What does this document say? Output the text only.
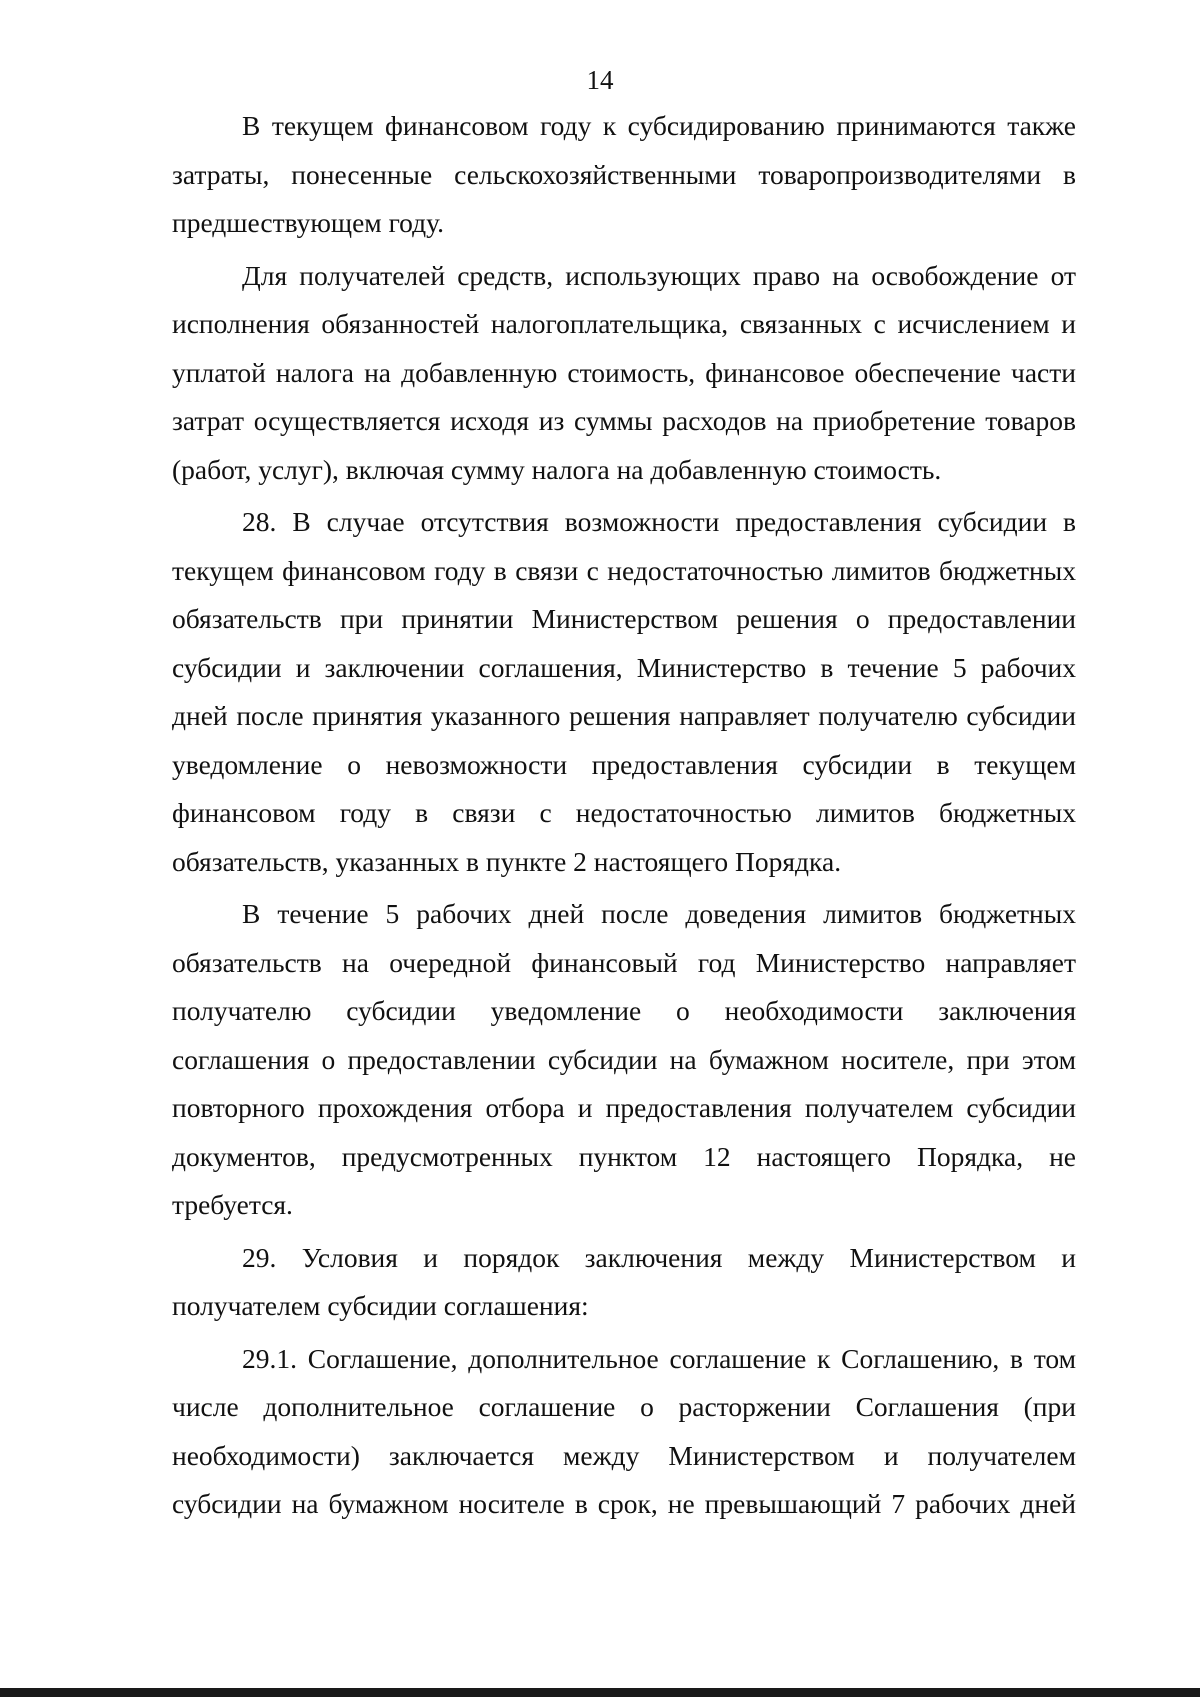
14

В текущем финансовом году к субсидированию принимаются также затраты, понесенные сельскохозяйственными товаропроизводителями в предшествующем году.

Для получателей средств, использующих право на освобождение от исполнения обязанностей налогоплательщика, связанных с исчислением и уплатой налога на добавленную стоимость, финансовое обеспечение части затрат осуществляется исходя из суммы расходов на приобретение товаров (работ, услуг), включая сумму налога на добавленную стоимость.

28. В случае отсутствия возможности предоставления субсидии в текущем финансовом году в связи с недостаточностью лимитов бюджетных обязательств при принятии Министерством решения о предоставлении субсидии и заключении соглашения, Министерство в течение 5 рабочих дней после принятия указанного решения направляет получателю субсидии уведомление о невозможности предоставления субсидии в текущем финансовом году в связи с недостаточностью лимитов бюджетных обязательств, указанных в пункте 2 настоящего Порядка.

В течение 5 рабочих дней после доведения лимитов бюджетных обязательств на очередной финансовый год Министерство направляет получателю субсидии уведомление о необходимости заключения соглашения о предоставлении субсидии на бумажном носителе, при этом повторного прохождения отбора и предоставления получателем субсидии документов, предусмотренных пунктом 12 настоящего Порядка, не требуется.

29. Условия и порядок заключения между Министерством и получателем субсидии соглашения:

29.1. Соглашение, дополнительное соглашение к Соглашению, в том числе дополнительное соглашение о расторжении Соглашения (при необходимости) заключается между Министерством и получателем субсидии на бумажном носителе в срок, не превышающий 7 рабочих дней
